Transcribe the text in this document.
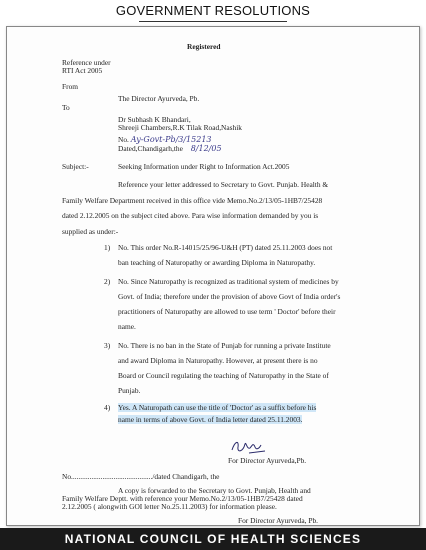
GOVERNMENT RESOLUTIONS
Registered
Reference under
RTI Act 2005
From
The Director Ayurveda, Pb.
To
Dr Subhash K Bhandari,
Shreeji Chambers,R.K Tilak Road,Nashik
No. Ay-Govt-Pb/3/15213
Dated,Chandigarh,the 8/12/05
Subject:-	Seeking Information under Right to Information Act.2005
Reference your letter addressed to Secretary to Govt. Punjab. Health &
Family Welfare Department received in this office vide Memo.No.2/13/05-1HB7/25428
dated 2.12.2005 on the subject cited above. Para wise information demanded by you is
supplied as under:-
1) No. This order No.R-14015/25/96-U&H (PT) dated 25.11.2003 does not
ban teaching of Naturopathy or awarding Diploma in Naturopathy.
2) No. Since Naturopathy is recognized as traditional system of medicines by
Govt. of India; therefore under the provision of above Govt of India order's
practitioners of Naturopathy are allowed to use term ' Doctor' before their
name.
3) No. There is no ban in the State of Punjab for running a private Institute
and award Diploma in Naturopathy. However, at present there is no
Board or Council regulating the teaching of Naturopathy in the State of
Punjab.
4) Yes. A Naturopath can use the title of 'Doctor' as a suffix before his
name in terms of above Govt. of India letter dated 25.11.2003.
For Director Ayurveda,Pb.
No............................................/dated Chandigarh, the
A copy is forwarded to the Secretary to Govt. Punjab, Health and
Family Welfare Deptt. with reference your Memo.No.2/13/05-1HB7/25428 dated
2.12.2005 ( alongwith GOI letter No.25.11.2003) for information please.
For Director Ayurveda, Pb.
NATIONAL COUNCIL OF HEALTH SCIENCES
